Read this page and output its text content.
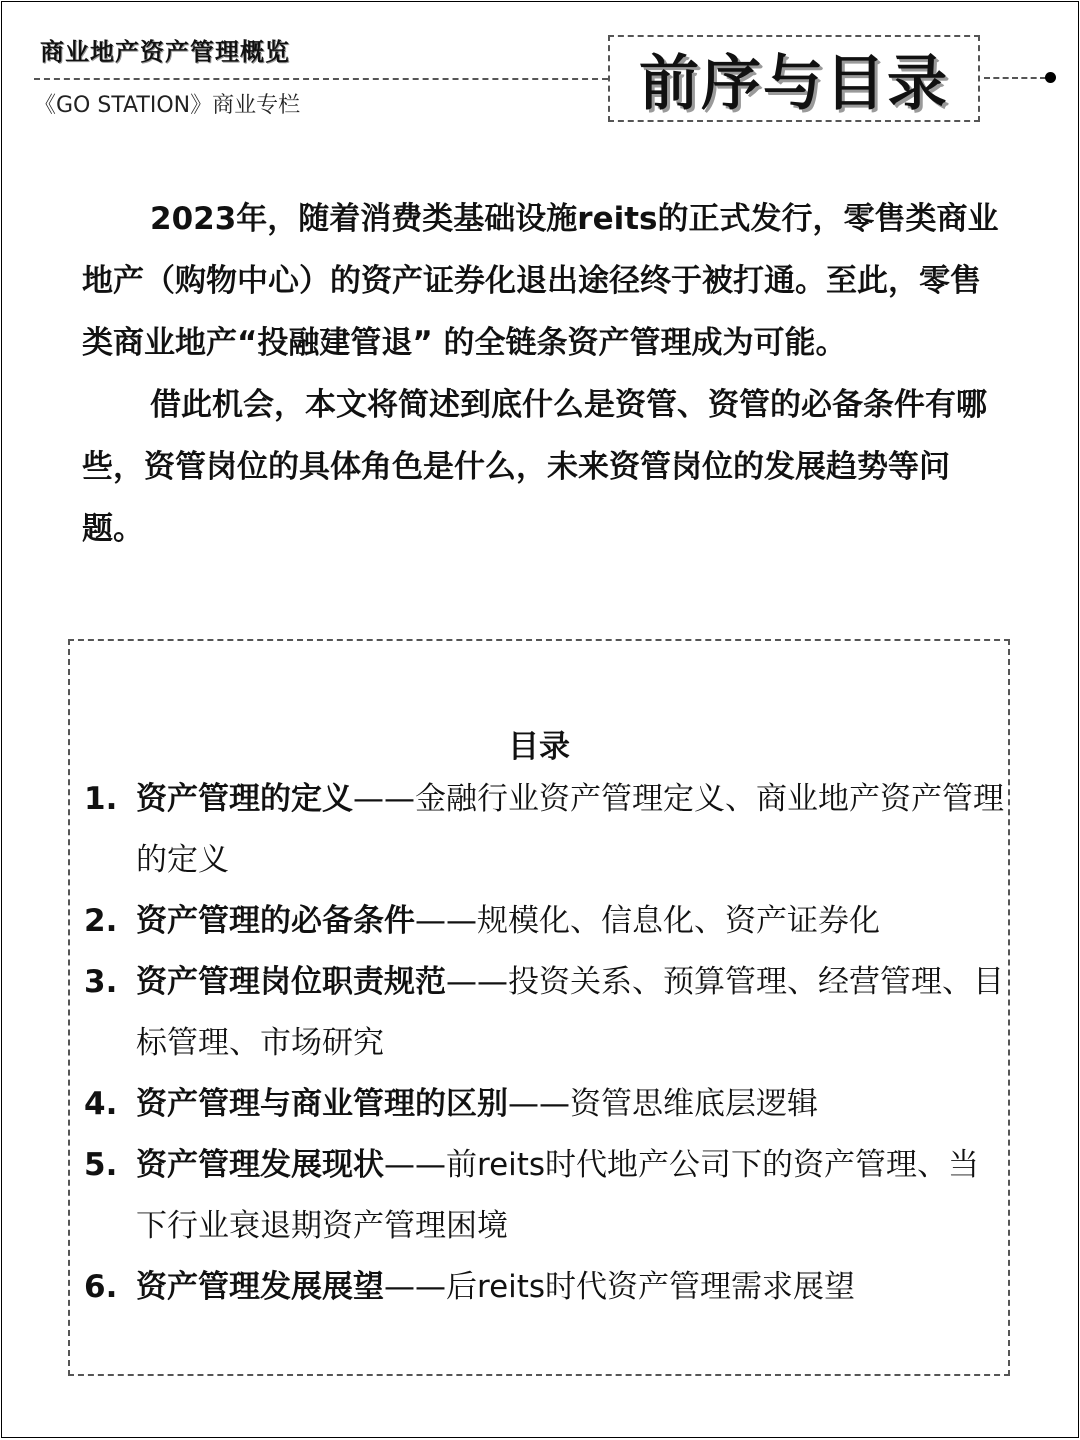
商业地产资产管理概览
《GO STATION》商业专栏	前序与目录

2023年，随着消费类基础设施reits的正式发行，零售类商业地产（购物中心）的资产证券化退出途径终于被打通。至此，零售类商业地产“投融建管退” 的全链条资产管理成为可能。

借此机会，本文将简述到底什么是资管、资管的必备条件有哪些，资管岗位的具体角色是什么，未来资管岗位的发展趋势等问题。

目录
1. 资产管理的定义——金融行业资产管理定义、商业地产资产管理的定义
2. 资产管理的必备条件——规模化、信息化、资产证券化
3. 资产管理岗位职责规范——投资关系、预算管理、经营管理、目标管理、市场研究
4. 资产管理与商业管理的区别——资管思维底层逻辑
5. 资产管理发展现状——前reits时代地产公司下的资产管理、当下行业衰退期资产管理困境
6. 资产管理发展展望——后reits时代资产管理需求展望
